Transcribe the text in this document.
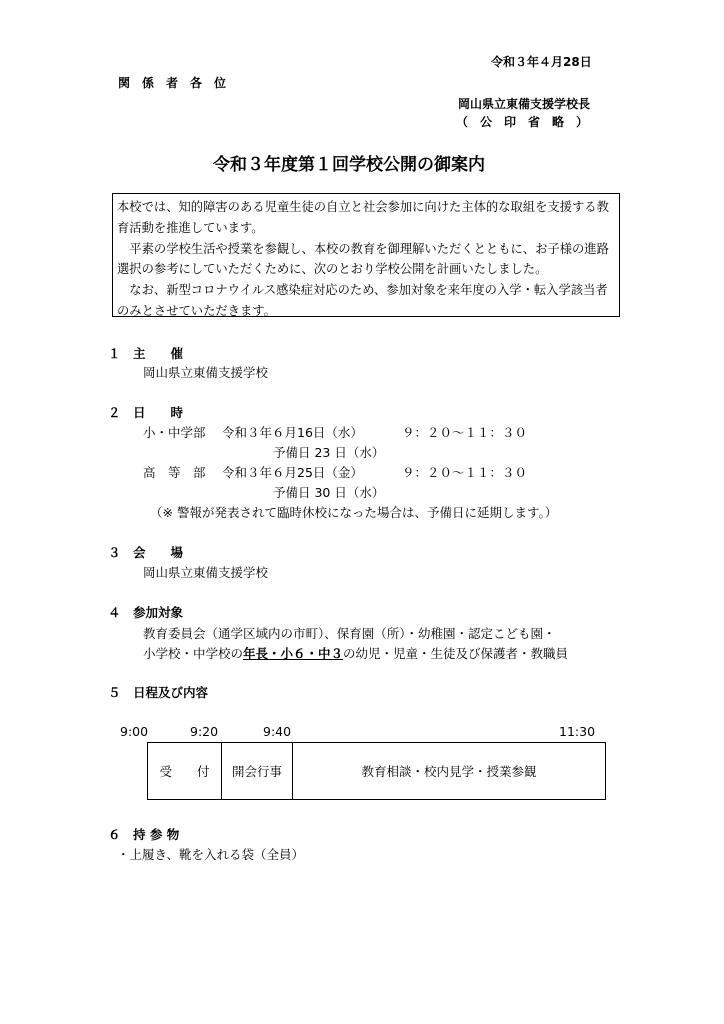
令和３年４月28日
関　係　者　各　位
岡山県立東備支援学校長
（　公　印　省　略　）
令和３年度第１回学校公開の御案内

本校では、知的障害のある児童生徒の自立と社会参加に向けた主体的な取組を支援する教育活動を推進しています。

　平素の学校生活や授業を参観し、本校の教育を御理解いただくとともに、お子様の進路選択の参考にしていただくために、次のとおり学校公開を計画いたしました。

　なお、新型コロナウイルス感染症対応のため、参加対象を来年度の入学・転入学該当者のみとさせていただきます。

１　主　　催
岡山県立東備支援学校
２　日　　時
小・中学部 令和３年６月16日（水）	９：２０～１１：３０
予備日 23 日（水）
高　等　部 令和３年６月25日（金）	９：２０～１１：３０
予備日 30 日（水）
（※ 警報が発表されて臨時休校になった場合は、予備日に延期します。）
３　会　　場
岡山県立東備支援学校
４　参加対象
教育委員会（通学区域内の市町）、保育園（所）・幼稚園・認定こども園・
小学校・中学校の年長・小６・中３の幼児・児童・生徒及び保護者・教職員
５　日程及び内容
9:00	9:20	9:40	11:30
受　　付	開会行事	教育相談・校内見学・授業参観
６　持 参 物
・上履き、靴を入れる袋（全員）
